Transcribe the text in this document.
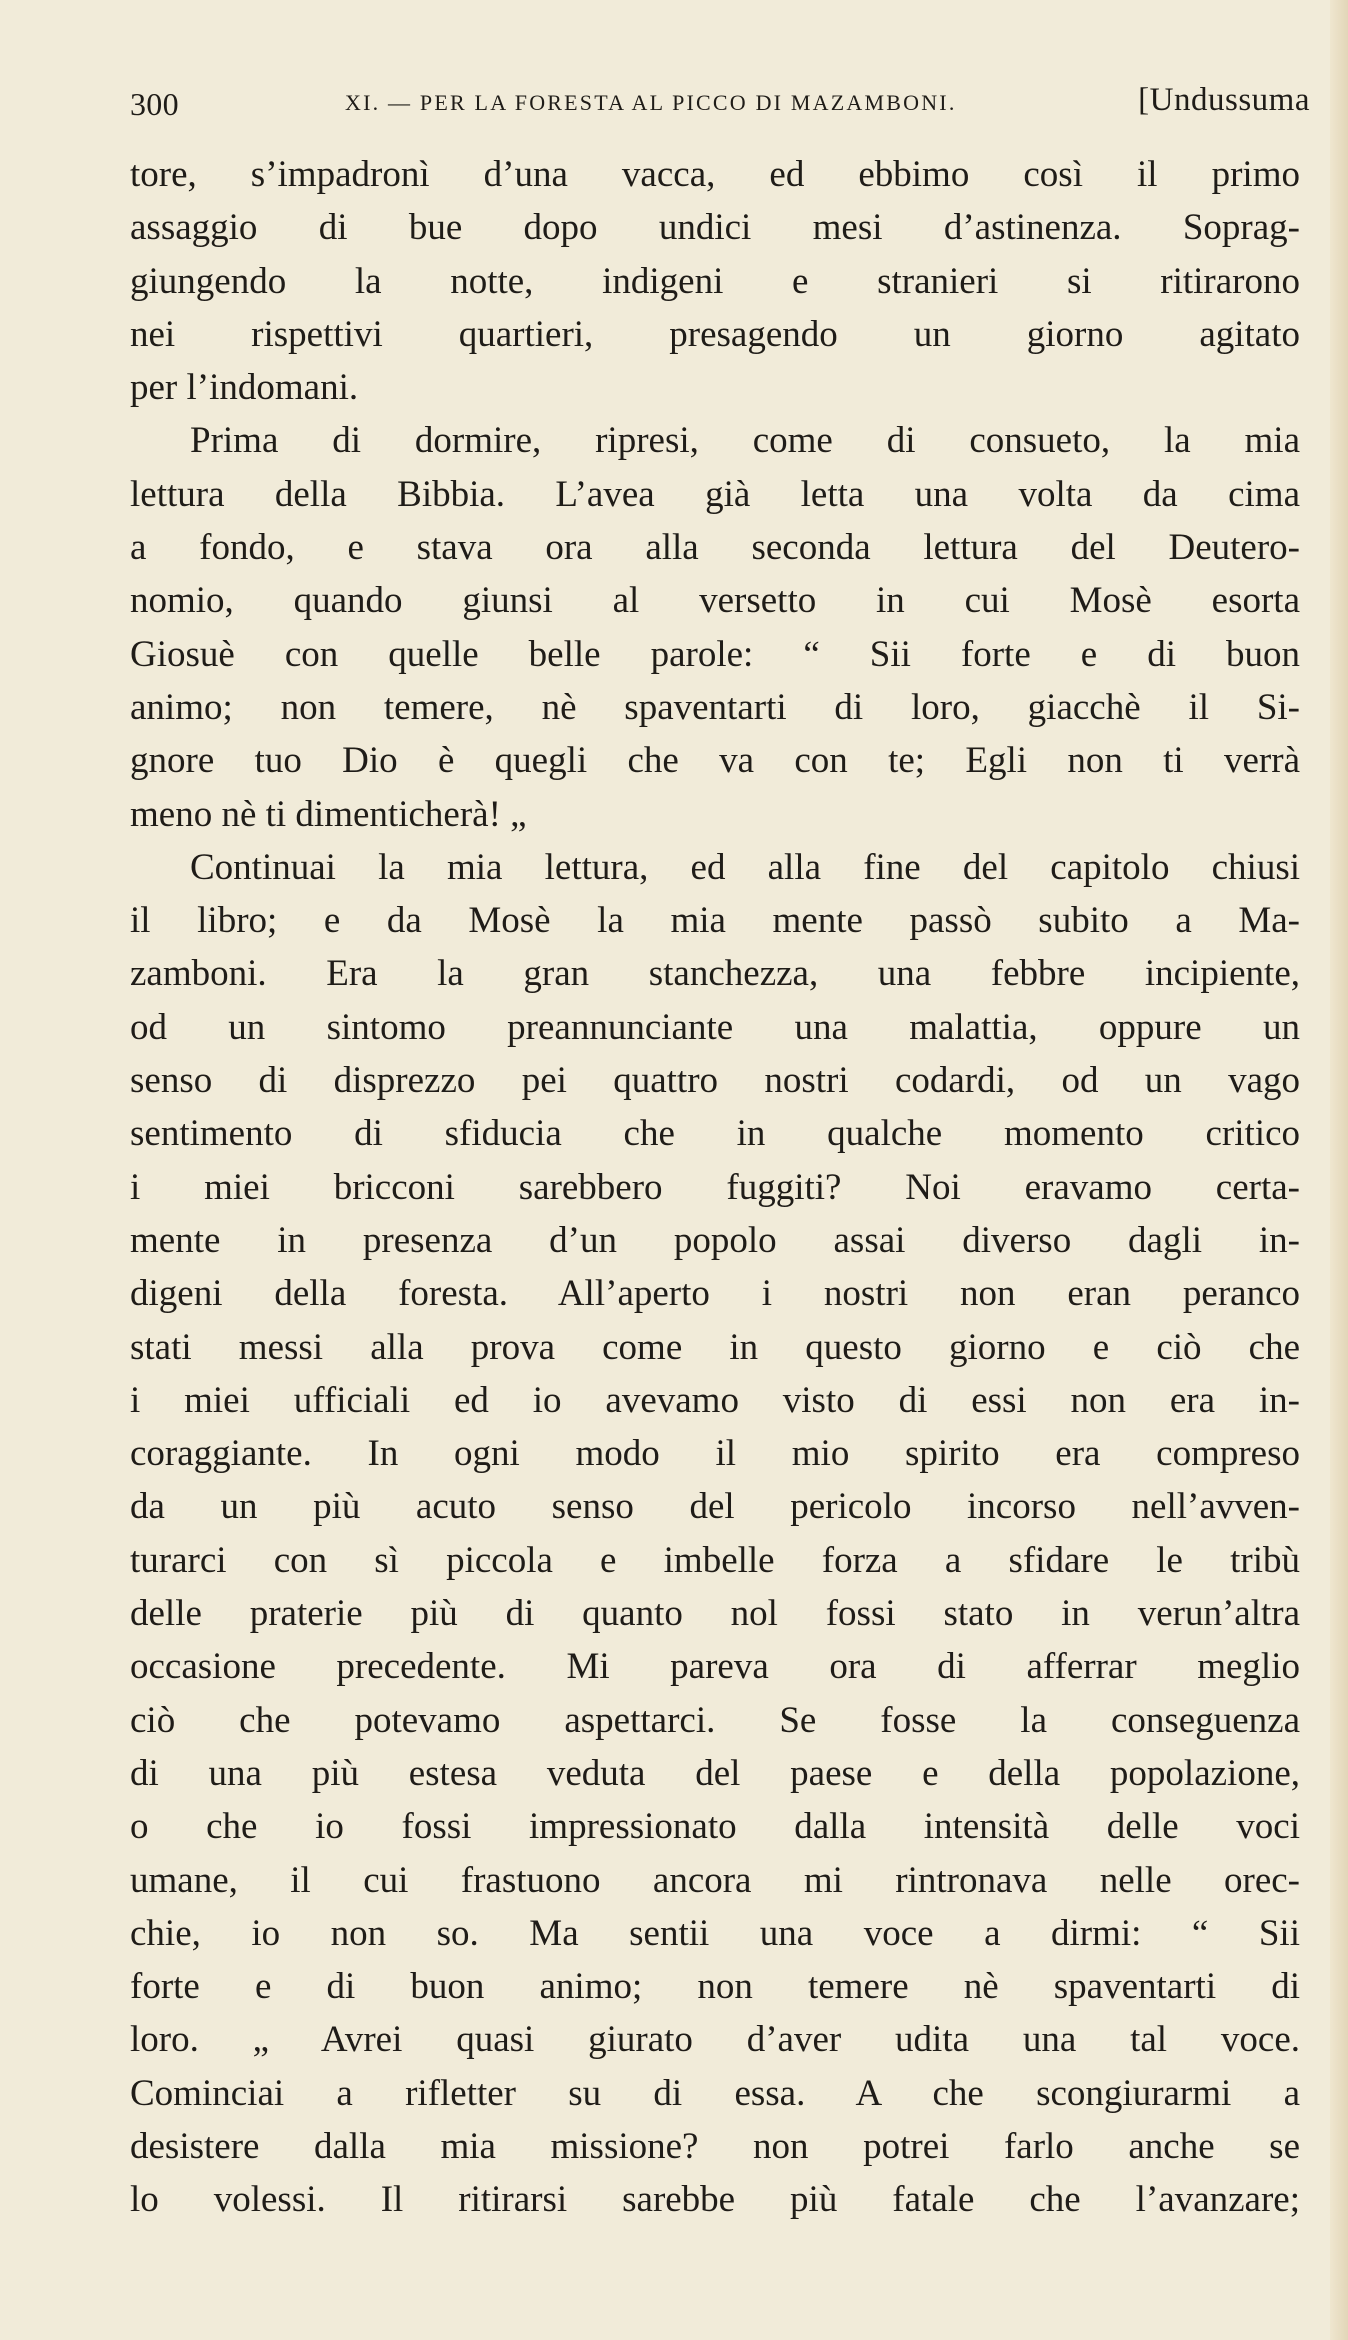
300	XI. — PER LA FORESTA AL PICCO DI MAZAMBONI.	[Undussuma
tore, s’impadronì d’una vacca, ed ebbimo così il primo
assaggio di bue dopo undici mesi d’astinenza. Soprag-
giungendo la notte, indigeni e stranieri si ritirarono
nei rispettivi quartieri, presagendo un giorno agitato
per l’indomani.
Prima di dormire, ripresi, come di consueto, la mia
lettura della Bibbia. L’avea già letta una volta da cima
a fondo, e stava ora alla seconda lettura del Deutero-
nomio, quando giunsi al versetto in cui Mosè esorta
Giosuè con quelle belle parole: “ Sii forte e di buon
animo; non temere, nè spaventarti di loro, giacchè il Si-
gnore tuo Dio è quegli che va con te; Egli non ti verrà
meno nè ti dimenticherà! „
Continuai la mia lettura, ed alla fine del capitolo chiusi
il libro; e da Mosè la mia mente passò subito a Ma-
zamboni. Era la gran stanchezza, una febbre incipiente,
od un sintomo preannunciante una malattia, oppure un
senso di disprezzo pei quattro nostri codardi, od un vago
sentimento di sfiducia che in qualche momento critico
i miei bricconi sarebbero fuggiti? Noi eravamo certa-
mente in presenza d’un popolo assai diverso dagli in-
digeni della foresta. All’aperto i nostri non eran peranco
stati messi alla prova come in questo giorno e ciò che
i miei ufficiali ed io avevamo visto di essi non era in-
coraggiante. In ogni modo il mio spirito era compreso
da un più acuto senso del pericolo incorso nell’avven-
turarci con sì piccola e imbelle forza a sfidare le tribù
delle praterie più di quanto nol fossi stato in verun’altra
occasione precedente. Mi pareva ora di afferrar meglio
ciò che potevamo aspettarci. Se fosse la conseguenza
di una più estesa veduta del paese e della popolazione,
o che io fossi impressionato dalla intensità delle voci
umane, il cui frastuono ancora mi rintronava nelle orec-
chie, io non so. Ma sentii una voce a dirmi: “ Sii
forte e di buon animo; non temere nè spaventarti di
loro. „ Avrei quasi giurato d’aver udita una tal voce.
Cominciai a rifletter su di essa. A che scongiurarmi a
desistere dalla mia missione? non potrei farlo anche se
lo volessi. Il ritirarsi sarebbe più fatale che l’avanzare;
